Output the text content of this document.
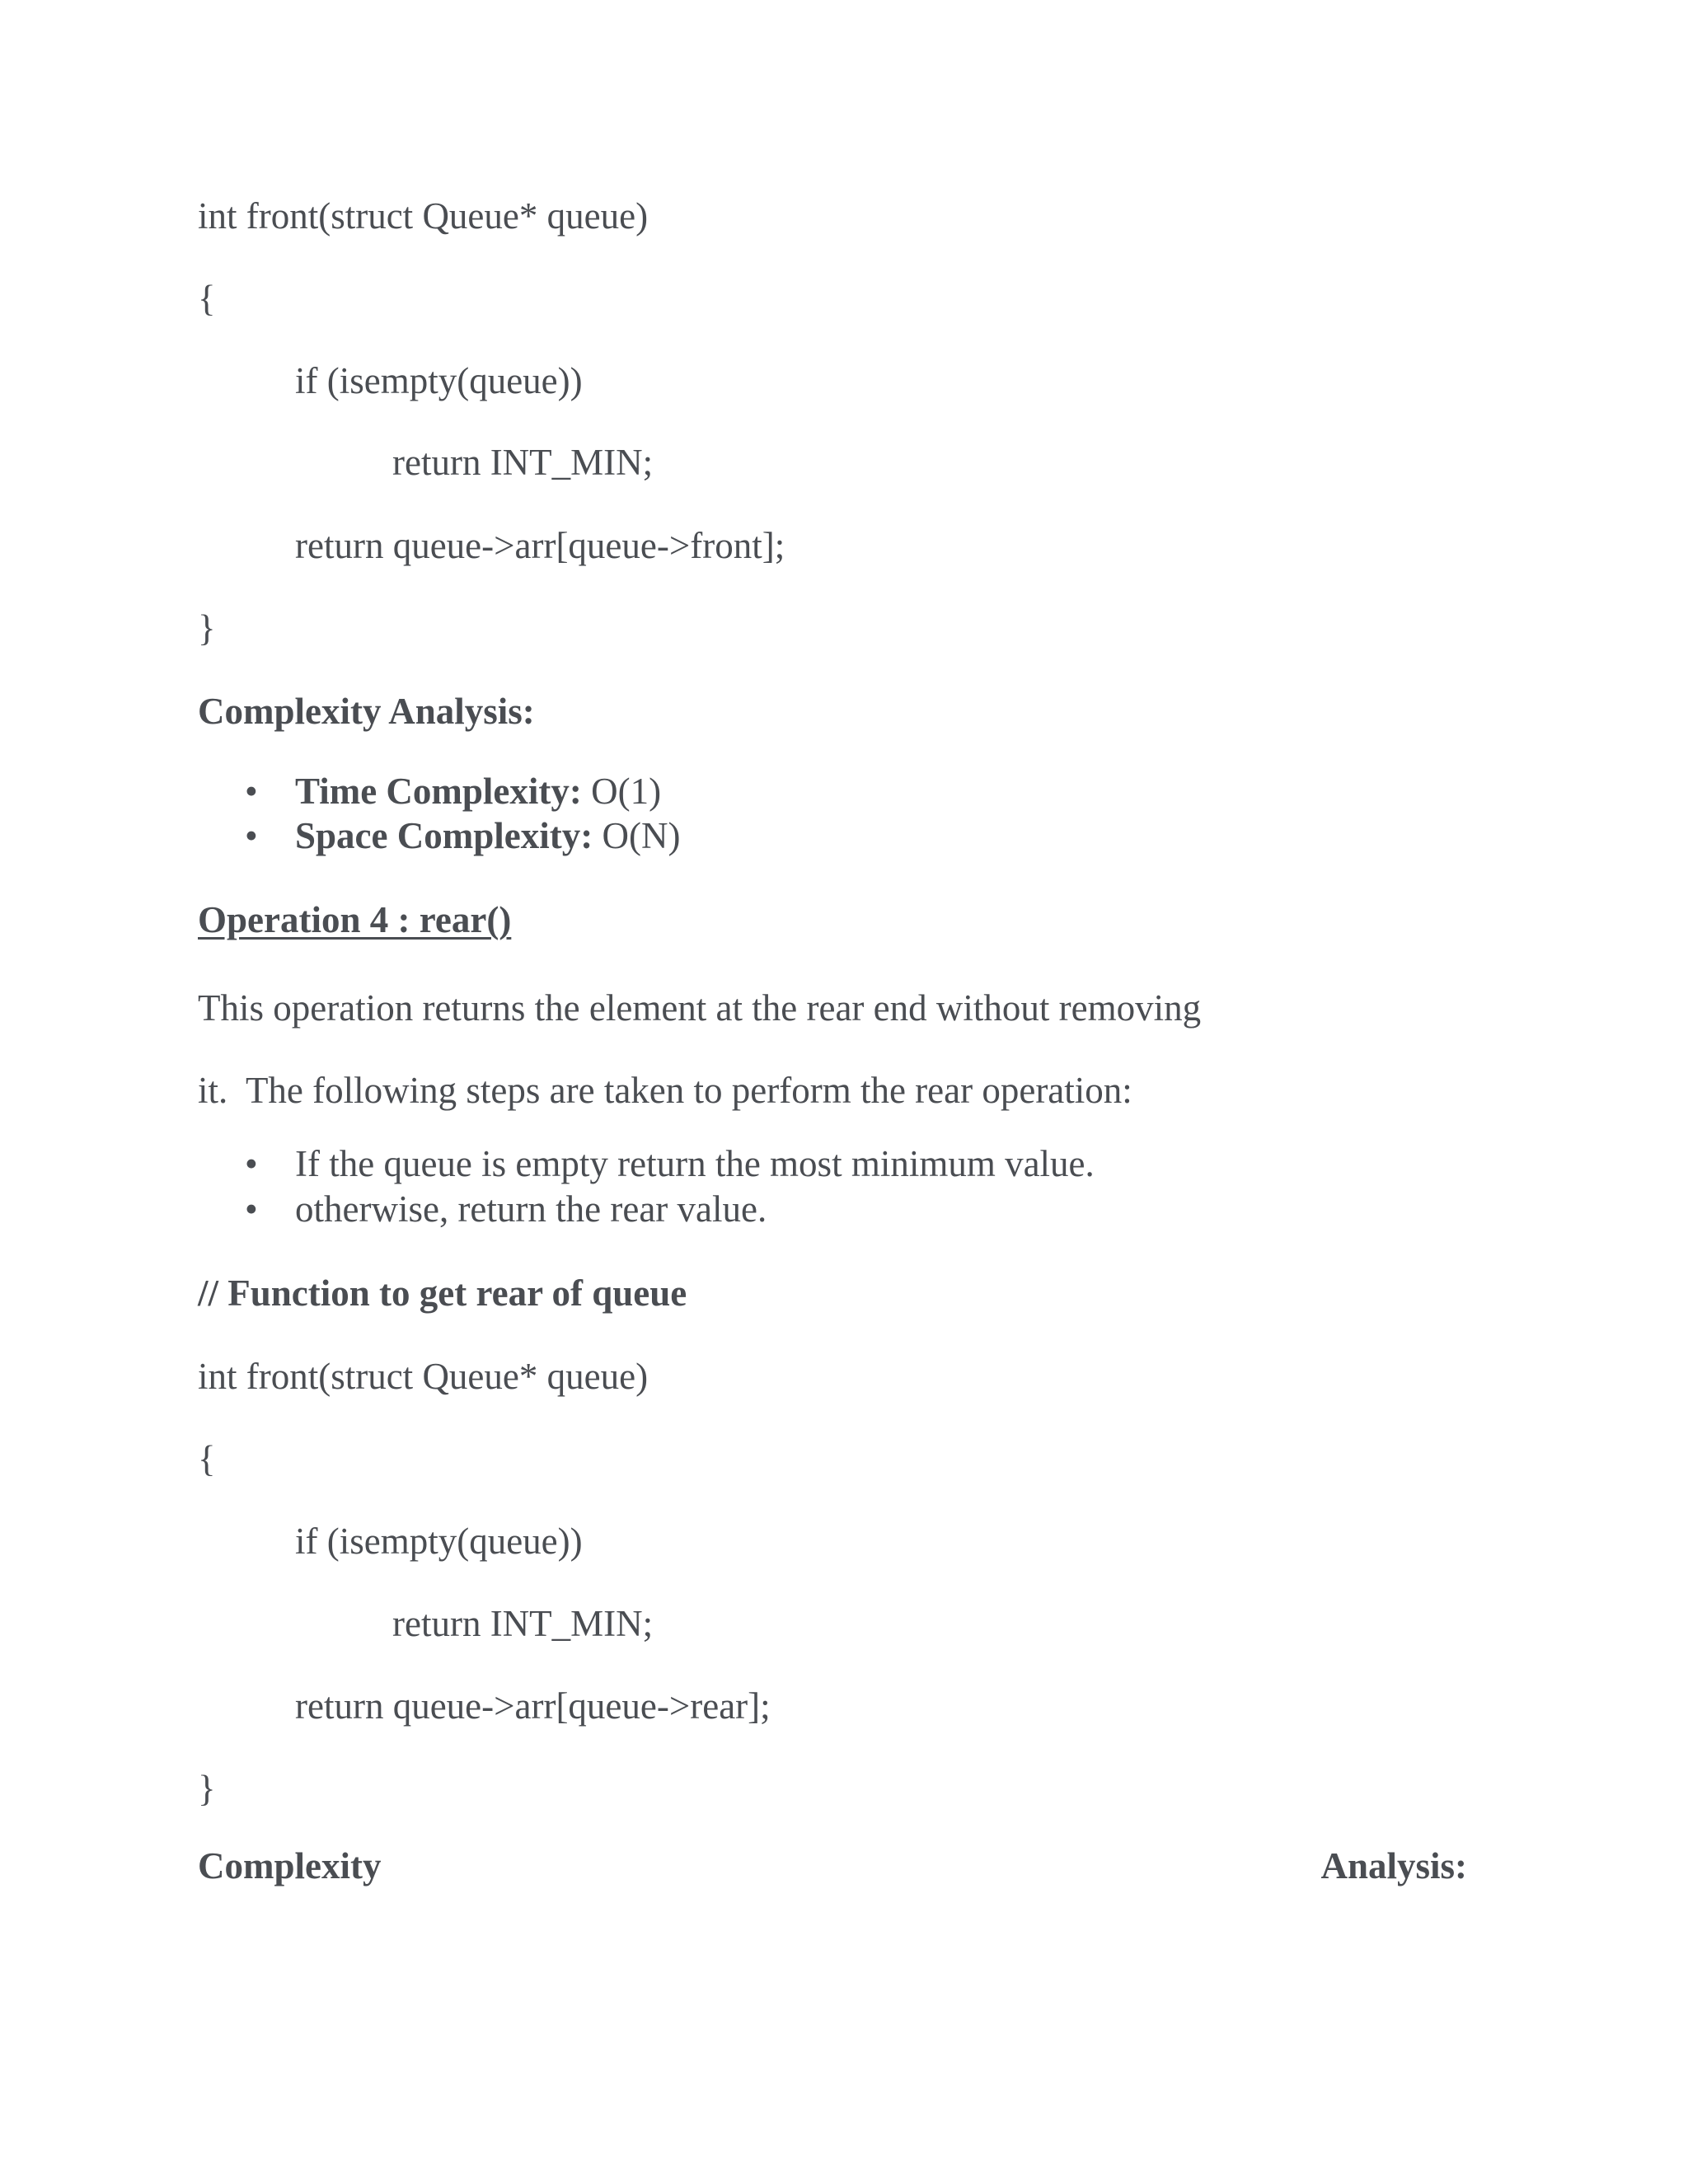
int front(struct Queue* queue)
{
if (isempty(queue))
return INT_MIN;
return queue->arr[queue->front];
}
Complexity Analysis:
• Time Complexity: O(1)
• Space Complexity: O(N)
Operation 4 : rear()
This operation returns the element at the rear end without removing
it.  The following steps are taken to perform the rear operation:
• If the queue is empty return the most minimum value.
• otherwise, return the rear value.
// Function to get rear of queue
int front(struct Queue* queue)
{
if (isempty(queue))
return INT_MIN;
return queue->arr[queue->rear];
}
Complexity	Analysis:
